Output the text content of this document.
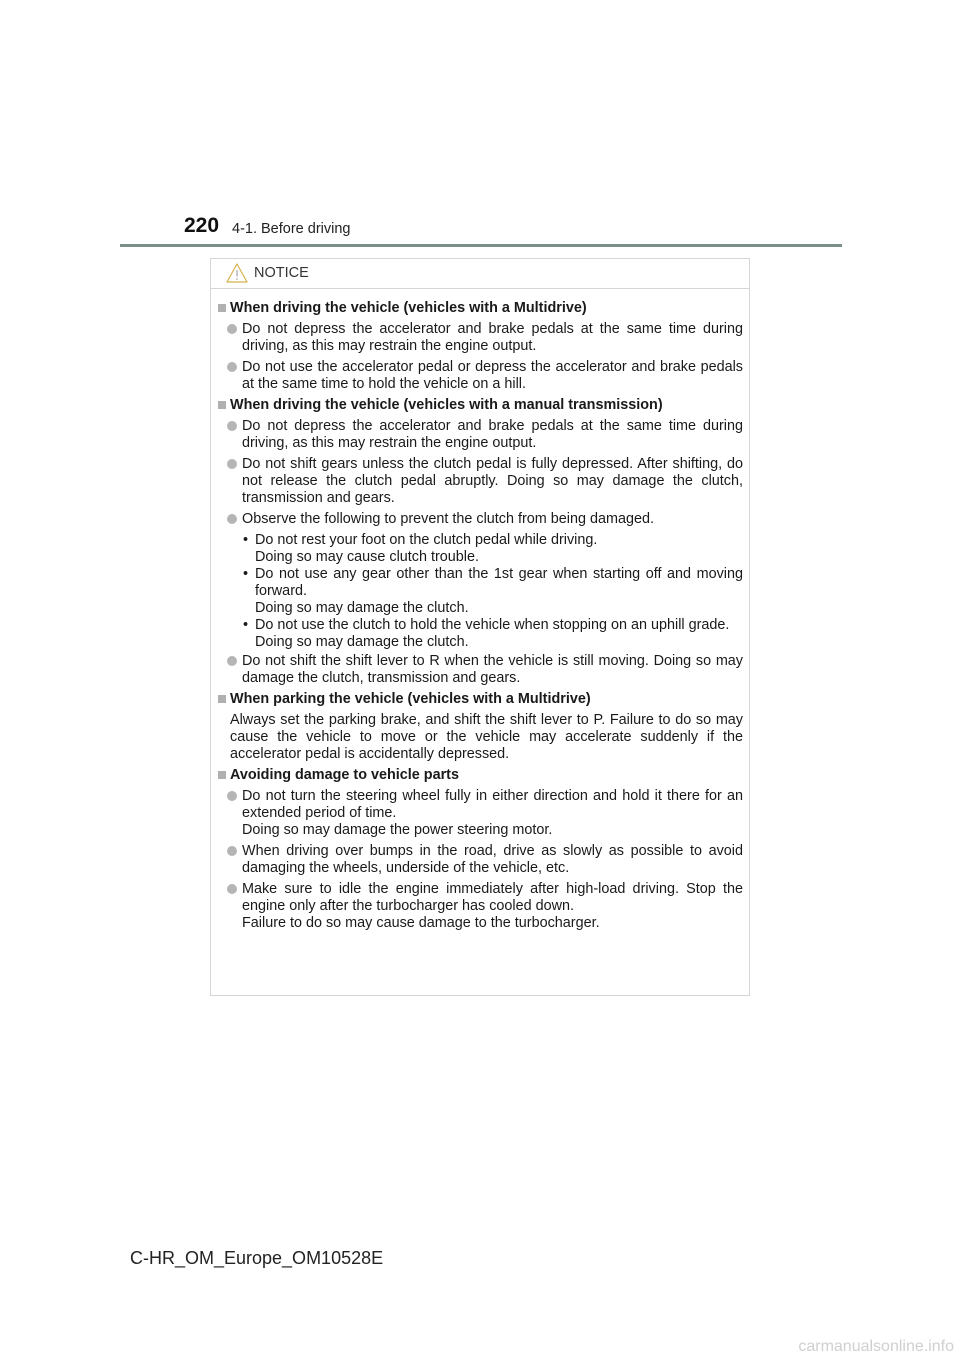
220 4-1. Before driving
NOTICE
When driving the vehicle (vehicles with a Multidrive)
Do not depress the accelerator and brake pedals at the same time during driving, as this may restrain the engine output.
Do not use the accelerator pedal or depress the accelerator and brake pedals at the same time to hold the vehicle on a hill.
When driving the vehicle (vehicles with a manual transmission)
Do not depress the accelerator and brake pedals at the same time during driving, as this may restrain the engine output.
Do not shift gears unless the clutch pedal is fully depressed. After shifting, do not release the clutch pedal abruptly. Doing so may damage the clutch, transmission and gears.
Observe the following to prevent the clutch from being damaged.
• Do not rest your foot on the clutch pedal while driving.
Doing so may cause clutch trouble.
• Do not use any gear other than the 1st gear when starting off and moving forward.
Doing so may damage the clutch.
• Do not use the clutch to hold the vehicle when stopping on an uphill grade.
Doing so may damage the clutch.
Do not shift the shift lever to R when the vehicle is still moving. Doing so may damage the clutch, transmission and gears.
When parking the vehicle (vehicles with a Multidrive)
Always set the parking brake, and shift the shift lever to P. Failure to do so may cause the vehicle to move or the vehicle may accelerate suddenly if the accelerator pedal is accidentally depressed.
Avoiding damage to vehicle parts
Do not turn the steering wheel fully in either direction and hold it there for an extended period of time.
Doing so may damage the power steering motor.
When driving over bumps in the road, drive as slowly as possible to avoid damaging the wheels, underside of the vehicle, etc.
Make sure to idle the engine immediately after high-load driving. Stop the engine only after the turbocharger has cooled down.
Failure to do so may cause damage to the turbocharger.
C-HR_OM_Europe_OM10528E
carmanualsonline.info
